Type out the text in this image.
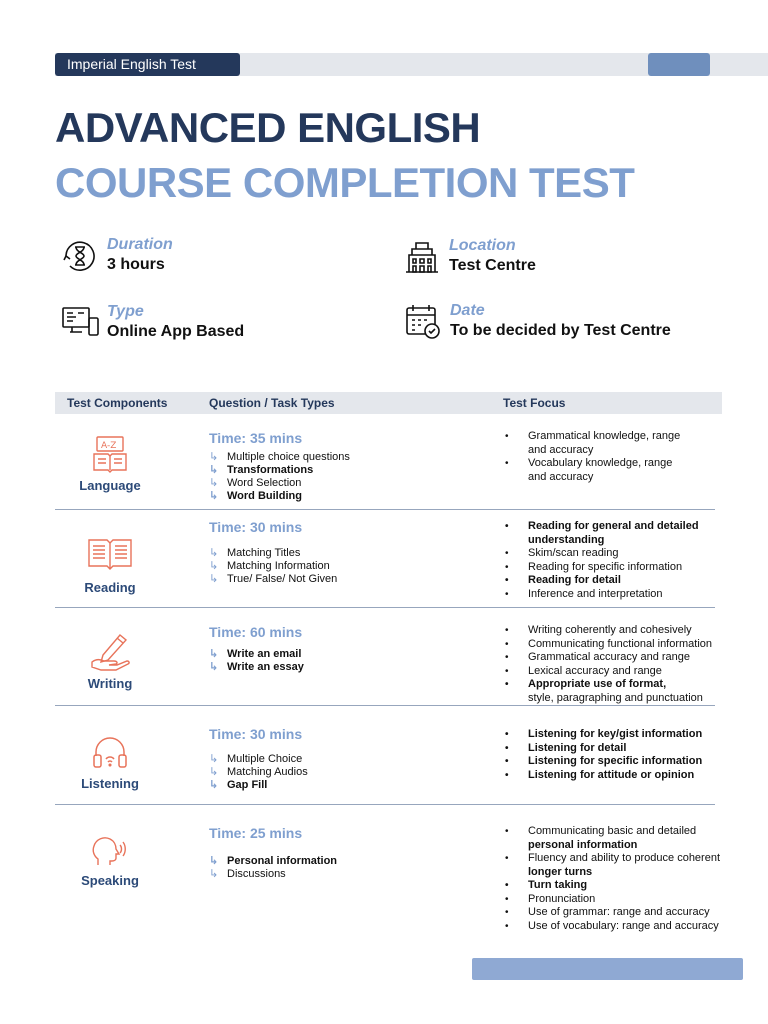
Imperial English Test
ADVANCED ENGLISH
COURSE COMPLETION TEST
Duration
3 hours
Location
Test Centre
Type
Online App Based
Date
To be decided by Test Centre
Test Components	Question / Task Types	Test Focus
A-Z
Language
Time: 35 mins
↳ Multiple choice questions
↳ Transformations
↳ Word Selection
↳ Word Building
• Grammatical knowledge, range
and accuracy
• Vocabulary knowledge, range
and accuracy
Reading
Time: 30 mins
↳ Matching Titles
↳ Matching Information
↳ True/ False/ Not Given
• Reading for general and detailed
understanding
• Skim/scan reading
• Reading for specific information
• Reading for detail
• Inference and interpretation
Writing
Time: 60 mins
↳ Write an email
↳ Write an essay
• Writing coherently and cohesively
• Communicating functional information
• Grammatical accuracy and range
• Lexical accuracy and range
• Appropriate use of format,
style, paragraphing and punctuation
Listening
Time: 30 mins
↳ Multiple Choice
↳ Matching Audios
↳ Gap Fill
• Listening for key/gist information
• Listening for detail
• Listening for specific information
• Listening for attitude or opinion
Speaking
Time: 25 mins
↳ Personal information
↳ Discussions
• Communicating basic and detailed
personal information
• Fluency and ability to produce coherent
longer turns
• Turn taking
• Pronunciation
• Use of grammar: range and accuracy
• Use of vocabulary: range and accuracy
